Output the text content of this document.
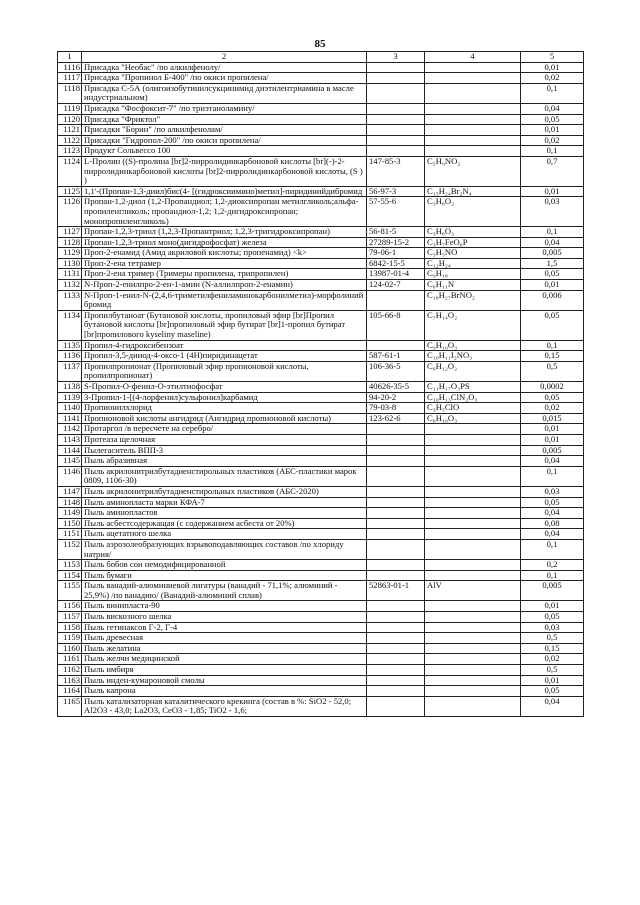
85
1	2	3	4	5
1116	Присадка "Необас" /по алкилфенолу/			0,01
1117	Присадка "Пропинол Б-400" /по окиси пропилена/			0,02
1118	Присадка С-5А (олигоизобутинилсукцинимид диэтилентриамина в масле индустриальном)			0,1
1119	Присадка "Фосфоксит-7" /по триэтаноламину/			0,04
1120	Присадка "Фриктол"			0,05
1121	Присадки "Борин" /по алкилфенолам/			0,01
1122	Присадки "Гидропол-200" /по окиси пропилена/			0,02
1123	Продукт Сольвессо 100			0,1
1124	L-Пролин ((S)-пролина [br]2-пирролидинкарбоновой кислоты [br](-)-2-пирролидинкарбоновой кислоты [br]2-пирролидинкарбоновой кислоты, (S ) )	147-85-3	C₅H₉NO₂	0,7
1125	1,1'-(Пропан-1,3-диил)бис(4- [(гидроксиимино)метил]-пиридинийдибромид	56-97-3	C₁₅H₂₄Br₂N₄	0,01
1126	Пропан-1,2-диол (1,2-Пропандиол; 1,2-диоксипропан метилгликоль;альфа-пропиленгликоль; пропандиол-1,2; 1,2-дигидроксипропан; монопропиленгликоль)	57-55-6	C₃H₈O₂	0,03
1127	Пропан-1,2,3-триол (1,2,3-Пропантриол; 1,2,3-тригидроксипропан)	56-81-5	C₃H₈O₃	0,1
1128	Пропан-1,2,3-триол моно(дигидрофосфат) железа	27289-15-2	C₃H₇FeO₆P	0,04
1129	Проп-2-енамид (Амид акриловой кислоты; пропенамид) <k>	79-06-1	C₃H₅NO	0,005
1130	Проп-2-ена тетрамер	6842-15-5	C₁₂H₂₄	1,5
1131	Проп-2-ена тример (Тримеры пропилена, трипропилен)	13987-01-4	C₉H₁₈	0,05
1132	N-Проп-2-енилпро-2-ен-1-амин (N-аллилпроп-2-енамин)	124-02-7	C₆H₁₁N	0,01
1133	N-Проп-1-енил-N-(2,4,6-триметилфениламинокарбонилметил)-морфолиний бромид		C₁₈H₂₇BrNO₂	0,006
1134	Пропилбутаноат (Бутановой кислоты, пропиловый эфир [br]Пропил бутановой кислоты [br]пропиловый эфир бутират [br]1-пропил бутират [br]пропилового kyseliny maseline)	105-66-8	C₇H₁₄O₂	0,05
1135	Пропил-4-гидроксибензоат		C₉H₁₀O₃	0,1
1136	Пропил-3,5-дииод-4-оксо-1 (4Н)пиридинацетат	587-61-1	C₁₀H₁₁I₂NO₃	0,15
1137	Пропилпропионат (Пропиловый эфир пропионовой кислоты, пропилпропионат)	106-36-5	C₆H₁₂O₂	0,5
1138	S-Пропил-О-фенил-О-этилтиофосфат	40626-35-5	C₁₁H₁₇O₃PS	0,0002
1139	3-Пропил-1-[(4-лорфенил)сульфонил]карбамид	94-20-2	C₁₀H₁₃ClN₂O₃	0,05
1140	Пропионилхлорид	79-03-8	C₃H₅ClO	0,02
1141	Пропионовой кислоты ангидрид (Ангидрид пропионовой кислоты)	123-62-6	C₆H₁₀O₃	0,015
1142	Протаргол /в пересчете на серебро/			0,01
1143	Протеаза щелочная			0,01
1144	Пылегаситель ВПП-3			0,005
1145	Пыль абразивная			0,04
1146	Пыль акрилонитрилбутадиенстирольных пластиков (АБС-пластики марок 0809, 1106-30)			0,1
1147	Пыль акрилонитрилбутадиенстирольных пластиков (АБС-2020)			0,03
1148	Пыль аминопласта марки КФА-7			0,05
1149	Пыль аминопластов			0,04
1150	Пыль асбестсодержащая (с содержанием асбеста от 20%)			0,08
1151	Пыль ацетатного шелка			0,04
1152	Пыль аэрозолеобразующих взрывоподавляющих составов /по хлориду натрия/			0,1
1153	Пыль бобов сои немодифицированной			0,2
1154	Пыль бумаги			0,1
1155	Пыль ванадий-алюминиевой лигатуры (ванадий - 71,1%; алюминий - 25,9%) /по ванадию/ (Ванадий-алюминий сплав)	52863-01-1	AlV	0,005
1156	Пыль винипласта-90			0,01
1157	Пыль вискозного шелка			0,05
1158	Пыль гетинаксов Г-2, Г-4			0,03
1159	Пыль древесная			0,5
1160	Пыль желатина			0,15
1161	Пыль желчи медицинской			0,02
1162	Пыль имбиря			0,5
1163	Пыль инден-кумароновой смолы			0,01
1164	Пыль капрона			0,05
1165	Пыль катализаторная каталитического крекинга (состав в %: SiO2 - 52,0; Al2O3 - 43,0; La2O3, CeO3 - 1,85; TiO2 - 1,6;			0,04
